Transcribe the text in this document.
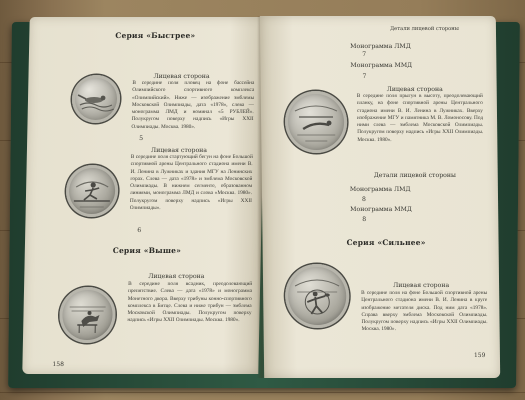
Серия «Быстрее»
Лицевая сторона
В середине поля пловец на фоне бассейна Олимпийского спортивного комплекса «Олимпийский». Ниже — изображение эмблемы Московской Олимпиады, дата «1978», слева — монограмма ЛМД и номинал «5 РУБЛЕЙ». Полукругом поверху надпись «Игры XXII Олимпиады. Москва. 1980».
5
Лицевая сторона
В середине поля стартующий бегун на фоне Большой спортивной арены Центрального стадиона имени В. И. Ленина в Лужниках и здания МГУ на Ленинских горах. Слева — дата «1978» и эмблема Московской Олимпиады. В нижнем сегменте, образованном линиями, монограмма ЛМД и слова «Москва. 1980». Полукругом поверху надпись «Игры XXII Олимпиады».
6
Серия «Выше»
Лицевая сторона
В середине поля всадник, преодолевающий препятствие. Слева — дата «1978» и монограмма Монетного двора. Вверху трибуны конно-спортивного комплекса в Битце. Слева и ниже трибун — эмблема Московской Олимпиады. Полукругом поверху надпись «Игры XXII Олимпиады. Москва. 1980».
158
Детали лицевой стороны
Монограмма ЛМД
7
Монограмма ММД
7
Лицевая сторона
В середине поля прыгун в высоту, преодолевающий планку, на фоне спортивной арены Центрального стадиона имени В. И. Ленина в Лужниках. Вверху изображение МГУ и памятника М. В. Ломоносову. Под ними слева — эмблема Московской Олимпиады. Полукругом поверху надпись «Игры XXII Олимпиады. Москва. 1980».
Детали лицевой стороны
Монограмма ЛМД
8
Монограмма ММД
8
Серия «Сильнее»
Лицевая сторона
В середине поля на фоне Большой спортивной арены Центрального стадиона имени В. И. Ленина в круге изображение метателя диска. Под ним дата «1978». Справа вверху эмблема Московской Олимпиады. Полукругом поверху надпись «Игры XXII Олимпиады. Москва. 1980».
159
